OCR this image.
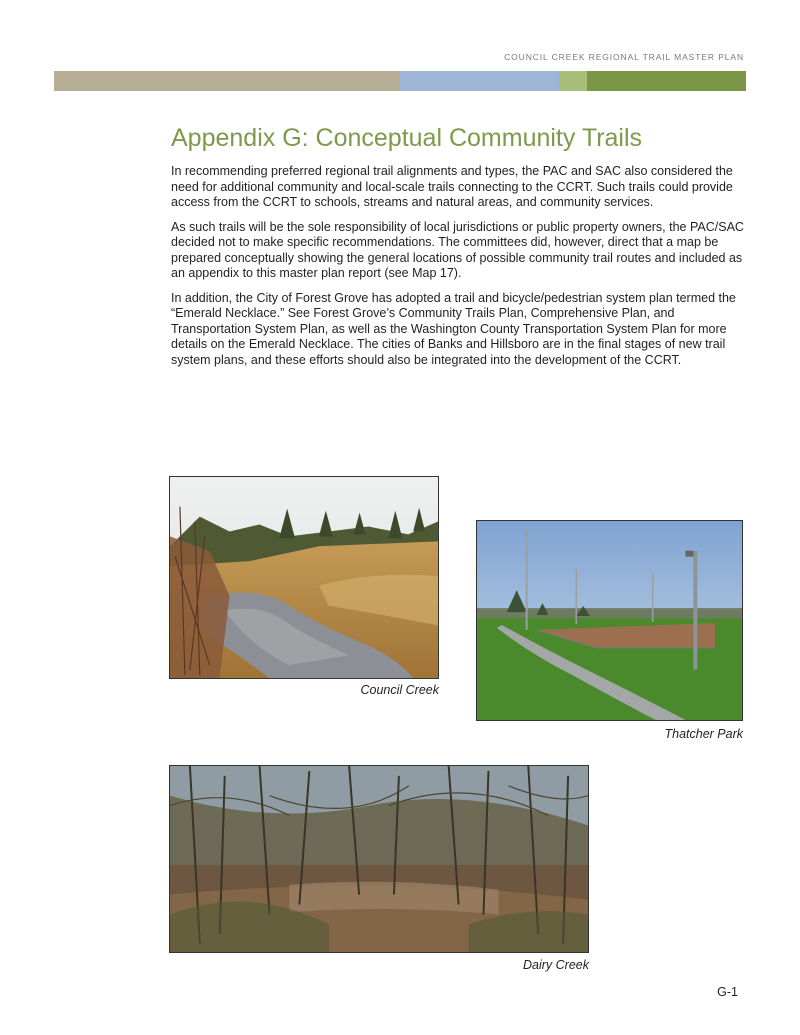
COUNCIL CREEK REGIONAL TRAIL MASTER PLAN
Appendix G: Conceptual Community Trails

In recommending preferred regional trail alignments and types, the PAC and SAC also considered the need for additional community and local-scale trails connecting to the CCRT. Such trails could provide access from the CCRT to schools, streams and natural areas, and community services.

As such trails will be the sole responsibility of local jurisdictions or public property owners, the PAC/SAC decided not to make specific recommendations. The committees did, however, direct that a map be prepared conceptually showing the general locations of possible community trail routes and included as an appendix to this master plan report (see Map 17).

In addition, the City of Forest Grove has adopted a trail and bicycle/pedestrian system plan termed the “Emerald Necklace.” See Forest Grove’s Community Trails Plan, Comprehensive Plan, and Transportation System Plan, as well as the Washington County Transportation System Plan for more details on the Emerald Necklace. The cities of Banks and Hillsboro are in the final stages of new trail system plans, and these efforts should also be integrated into the development of the CCRT.

Council Creek
Thatcher Park
Dairy Creek
G-1
